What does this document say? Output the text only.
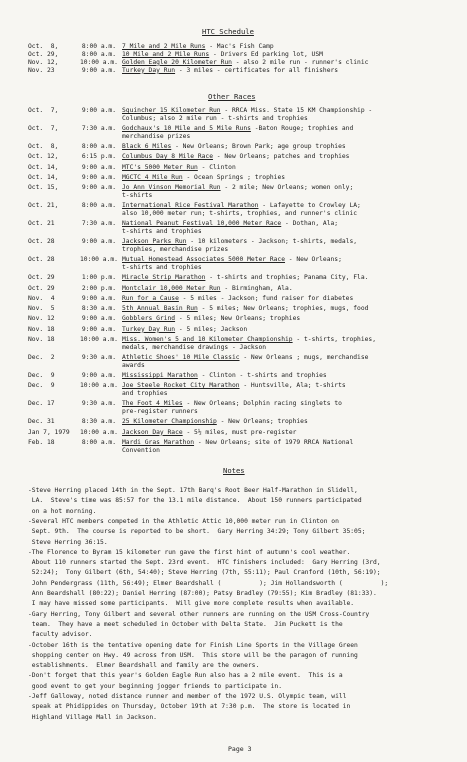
HTC Schedule
Oct.  8,	8:00 a.m. 7 Mile and 2 Mile Runs - Mac's Fish Camp
Oct. 29,	8:00 a.m. 10 Mile and 2 Mile Runs - Drivers Ed parking lot, USM
Nov. 12,	10:00 a.m. Golden Eagle 20 Kilometer Run - also 2 mile run - runner's clinic
Nov. 23	9:00 a.m. Turkey Day Run - 3 miles - certificates for all finishers
Other Races
Oct.  7,	9:00 a.m. Squincher 15 Kilometer Run - RRCA Miss. State 15 KM Championship -
Columbus; also 2 mile run - t-shirts and trophies
Oct.  7,	7:30 a.m. Godchaux's 10 Mile and 5 Mile Runs -Baton Rouge; trophies and
merchandise prizes
Oct.  8,	8:00 a.m. Black 6 Miles - New Orleans; Brown Park; age group trophies
Oct. 12,	6:15 p.m. Columbus Day 8 Mile Race - New Orleans; patches and trophies
Oct. 14,	9:00 a.m. MTC's 5000 Meter Run - Clinton
Oct. 14,	9:00 a.m. MGCTC 4 Mile Run - Ocean Springs ; trophies
Oct. 15,	9:00 a.m. Jo Ann Vinson Memorial Run - 2 mile; New Orleans; women only;
t-shirts
Oct. 21,	8:00 a.m. International Rice Festival Marathon - Lafayette to Crowley LA;
also 10,000 meter run; t-shirts, trophies, and runner's clinic
Oct. 21	7:30 a.m. National Peanut Festival 10,000 Meter Race - Dothan, Ala;
t-shirts and trophies
Oct. 28	9:00 a.m. Jackson Parks Run - 10 kilometers - Jackson; t-shirts, medals,
trophies, merchandise prizes
Oct. 28	10:00 a.m. Mutual Homestead Associates 5000 Meter Race - New Orleans;
t-shirts and trophies
Oct. 29	1:00 p.m. Miracle Strip Marathon - t-shirts and trophies; Panama City, Fla.
Oct. 29	2:00 p.m. Montclair 10,000 Meter Run - Birmingham, Ala.
Nov.  4	9:00 a.m. Run for a Cause - 5 miles - Jackson; fund raiser for diabetes
Nov.  5	8:30 a.m. 5th Annual Basin Run - 5 miles; New Orleans; trophies, mugs, food
Nov. 12	9:00 a.m. Gobblers Grind - 5 miles; New Orleans; trophies
Nov. 18	9:00 a.m. Turkey Day Run - 5 miles; Jackson
Nov. 18	10:00 a.m. Miss. Women's 5 and 10 Kilometer Championship - t-shirts, trophies,
medals, merchandise drawings - Jackson
Dec.  2	9:30 a.m. Athletic Shoes' 10 Mile Classic - New Orleans ; mugs, merchandise
awards
Dec.  9	9:00 a.m. Mississippi Marathon - Clinton - t-shirts and trophies
Dec.  9	10:00 a.m. Joe Steele Rocket City Marathon - Huntsville, Ala; t-shirts
and trophies
Dec. 17	9:30 a.m. The Foot 4 Miles - New Orleans; Dolphin racing singlets to
pre-register runners
Dec. 31	8:30 a.m. 25 Kilometer Championship - New Orleans; trophies
Jan 7, 1979 10:00 a.m. Jackson Day Race - 5½ miles, must pre-register
Feb. 18	8:00 a.m. Mardi Gras Marathon - New Orleans; site of 1979 RRCA National
Convention
Notes
-Steve Herring placed 14th in the Sept. 17th Barq's Root Beer Half-Marathon in Slidell,
LA.  Steve's time was 85:57 for the 13.1 mile distance.  About 150 runners participated
on a hot morning.
-Several HTC members competed in the Athletic Attic 10,000 meter run in Clinton on
Sept. 9th.  The course is reported to be short.  Gary Herring 34:29; Tony Gilbert 35:05;
Steve Herring 36:15.
-The Florence to Byram 15 kilometer run gave the first hint of autumn's cool weather.
About 110 runners started the Sept. 23rd event.  HTC finishers included:  Gary Herring (3rd,
52:24);  Tony Gilbert (6th, 54:40); Steve Herring (7th, 55:11); Paul Cranford (10th, 56:19);
John Pendergrass (11th, 56:49); Elmer Beardshall (          ); Jim Hollandsworth (          );
Ann Beardshall (80:22); Daniel Herring (87:00); Patsy Bradley (79:55); Kim Bradley (81:33).
I may have missed some participants.  Will give more complete results when available.
-Gary Herring, Tony Gilbert and several other runners are running on the USM Cross-Country
team.  They have a meet scheduled in October with Delta State.  Jim Puckett is the
faculty advisor.
-October 16th is the tentative opening date for Finish Line Sports in the Village Green
shopping center on Hwy. 49 across from USM.  This store will be the paragon of running
establishments.  Elmer Beardshall and family are the owners.
-Don't forget that this year's Golden Eagle Run also has a 2 mile event.  This is a
good event to get your beginning jogger friends to participate in.
-Jeff Galloway, noted distance runner and member of the 1972 U.S. Olympic team, will
speak at Phidippides on Thursday, October 19th at 7:30 p.m.  The store is located in
Highland Village Mall in Jackson.
Page 3
